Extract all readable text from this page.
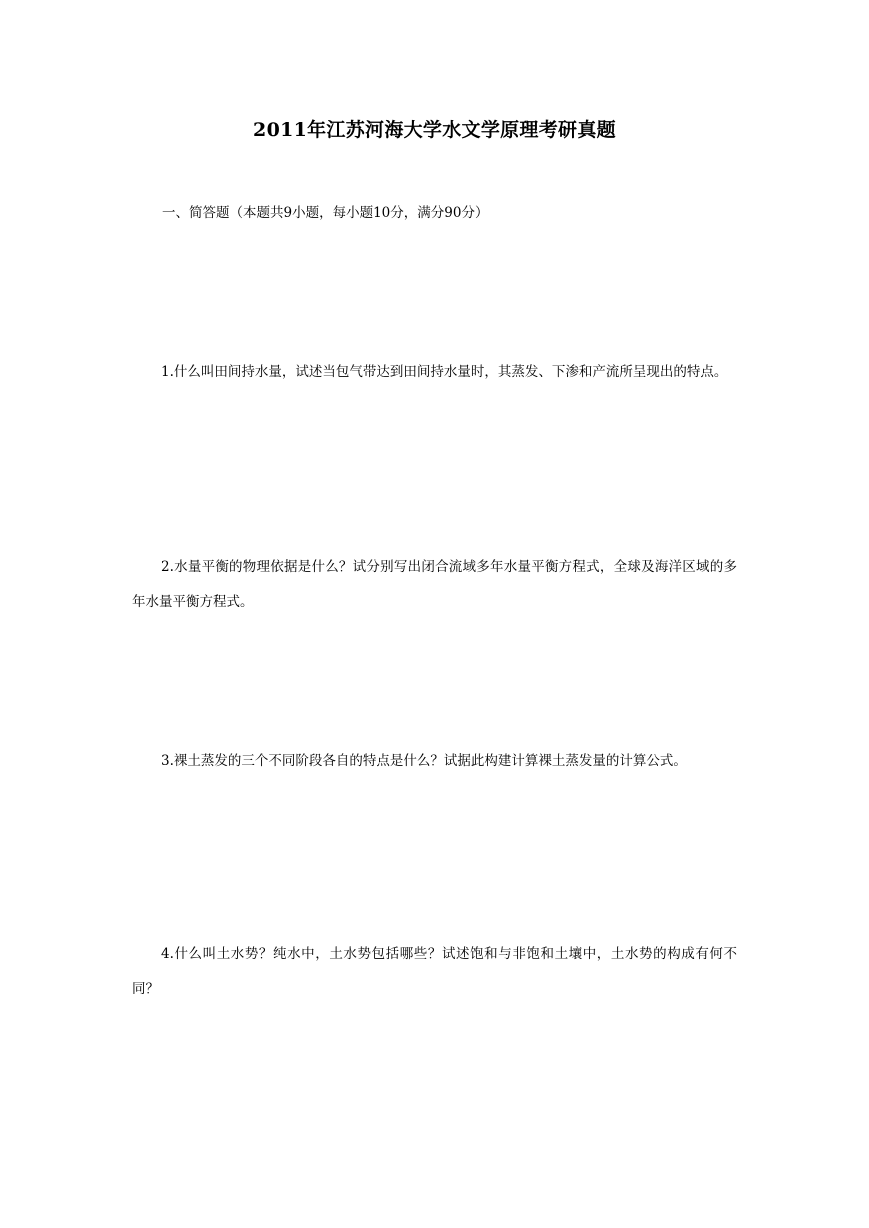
2011年江苏河海大学水文学原理考研真题

一、简答题（本题共9小题，每小题10分，满分90分）

1.什么叫田间持水量，试述当包气带达到田间持水量时，其蒸发、下渗和产流所呈现出的特点。

2.水量平衡的物理依据是什么？试分别写出闭合流域多年水量平衡方程式，全球及海洋区域的多年水量平衡方程式。

3.裸土蒸发的三个不同阶段各自的特点是什么？试据此构建计算裸土蒸发量的计算公式。

4.什么叫土水势？纯水中，土水势包括哪些？试述饱和与非饱和土壤中，土水势的构成有何不同？
